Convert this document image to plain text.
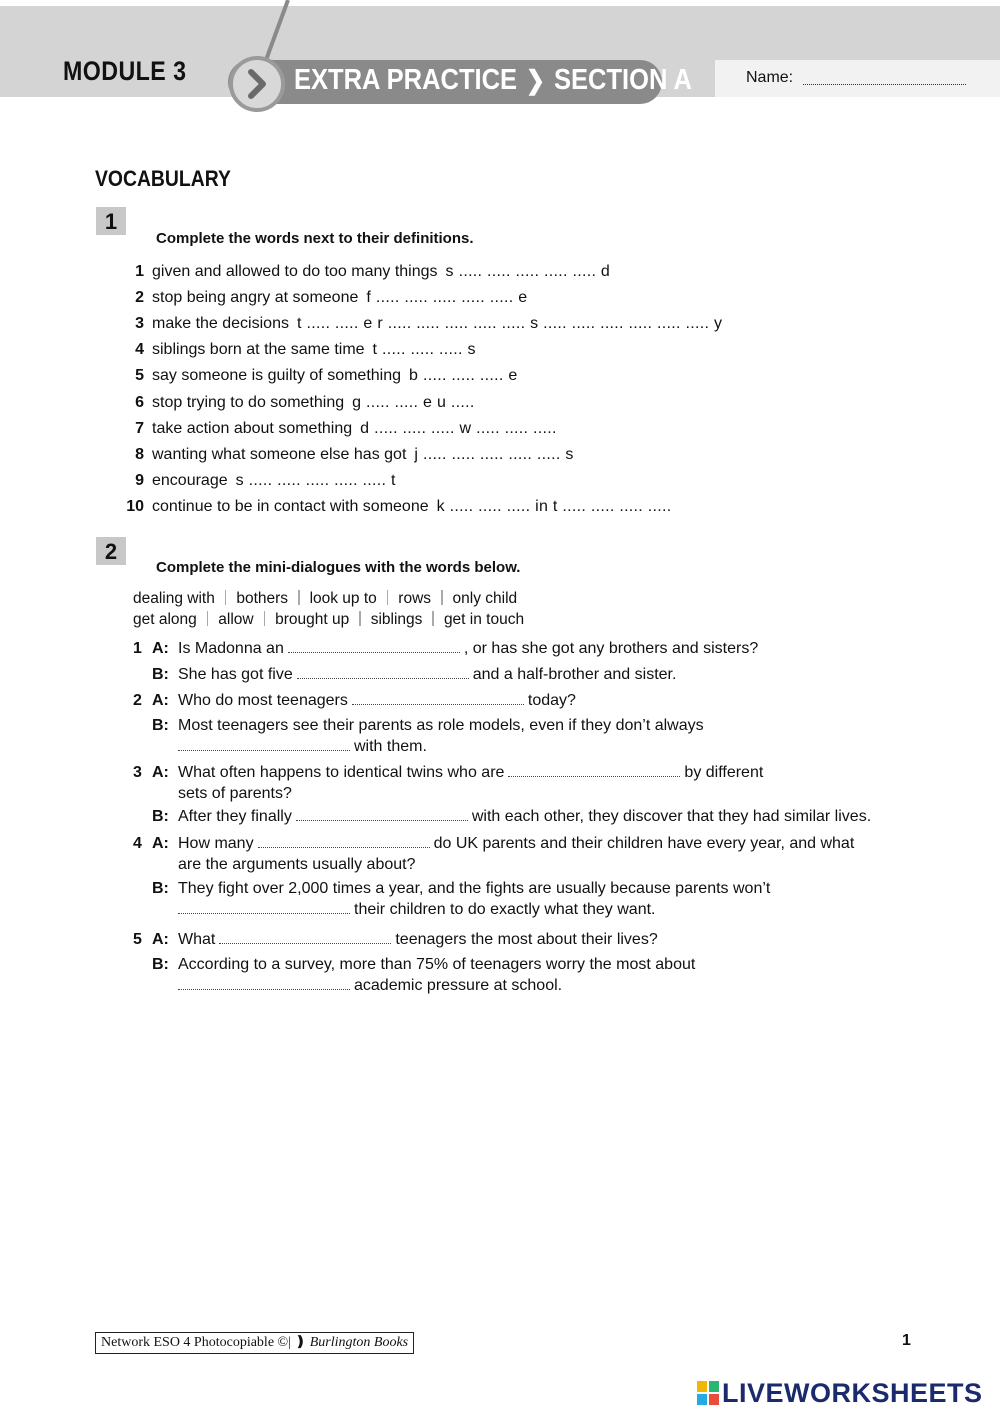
MODULE 3	EXTRA PRACTICE ❯ SECTION A	Name:
VOCABULARY
1
Complete the words next to their definitions.
1 given and allowed to do too many things s ..... ..... ..... ..... ..... d
2 stop being angry at someone f ..... ..... ..... ..... ..... e
3 make the decisions t ..... ..... e r ..... ..... ..... ..... ..... s ..... ..... ..... ..... ..... ..... y
4 siblings born at the same time t ..... ..... ..... s
5 say someone is guilty of something b ..... ..... ..... e
6 stop trying to do something g ..... ..... e u .....
7 take action about something d ..... ..... ..... w ..... ..... .....
8 wanting what someone else has got j ..... ..... ..... ..... ..... s
9 encourage s ..... ..... ..... ..... ..... t
10 continue to be in contact with someone k ..... ..... ..... in t ..... ..... ..... .....
2
Complete the mini-dialogues with the words below.
dealing with bothers look up to rows only child
get along allow brought up siblings get in touch
1 A: Is Madonna an	, or has she got any brothers and sisters?
B: She has got five	and a half-brother and sister.
2 A: Who do most teenagers	today?
B: Most teenagers see their parents as role models, even if they don’t always
with them.
3 A: What often happens to identical twins who are	by different
sets of parents?
B: After they finally	with each other, they discover that they had similar lives.
4 A: How many	do UK parents and their children have every year, and what
are the arguments usually about?
B: They fight over 2,000 times a year, and the fights are usually because parents won’t
their children to do exactly what they want.
5 A: What	teenagers the most about their lives?
B: According to a survey, more than 75% of teenagers worry the most about
academic pressure at school.
Network ESO 4 Photocopiable ©| ❫ Burlington Books	1
LIVEWORKSHEETS
